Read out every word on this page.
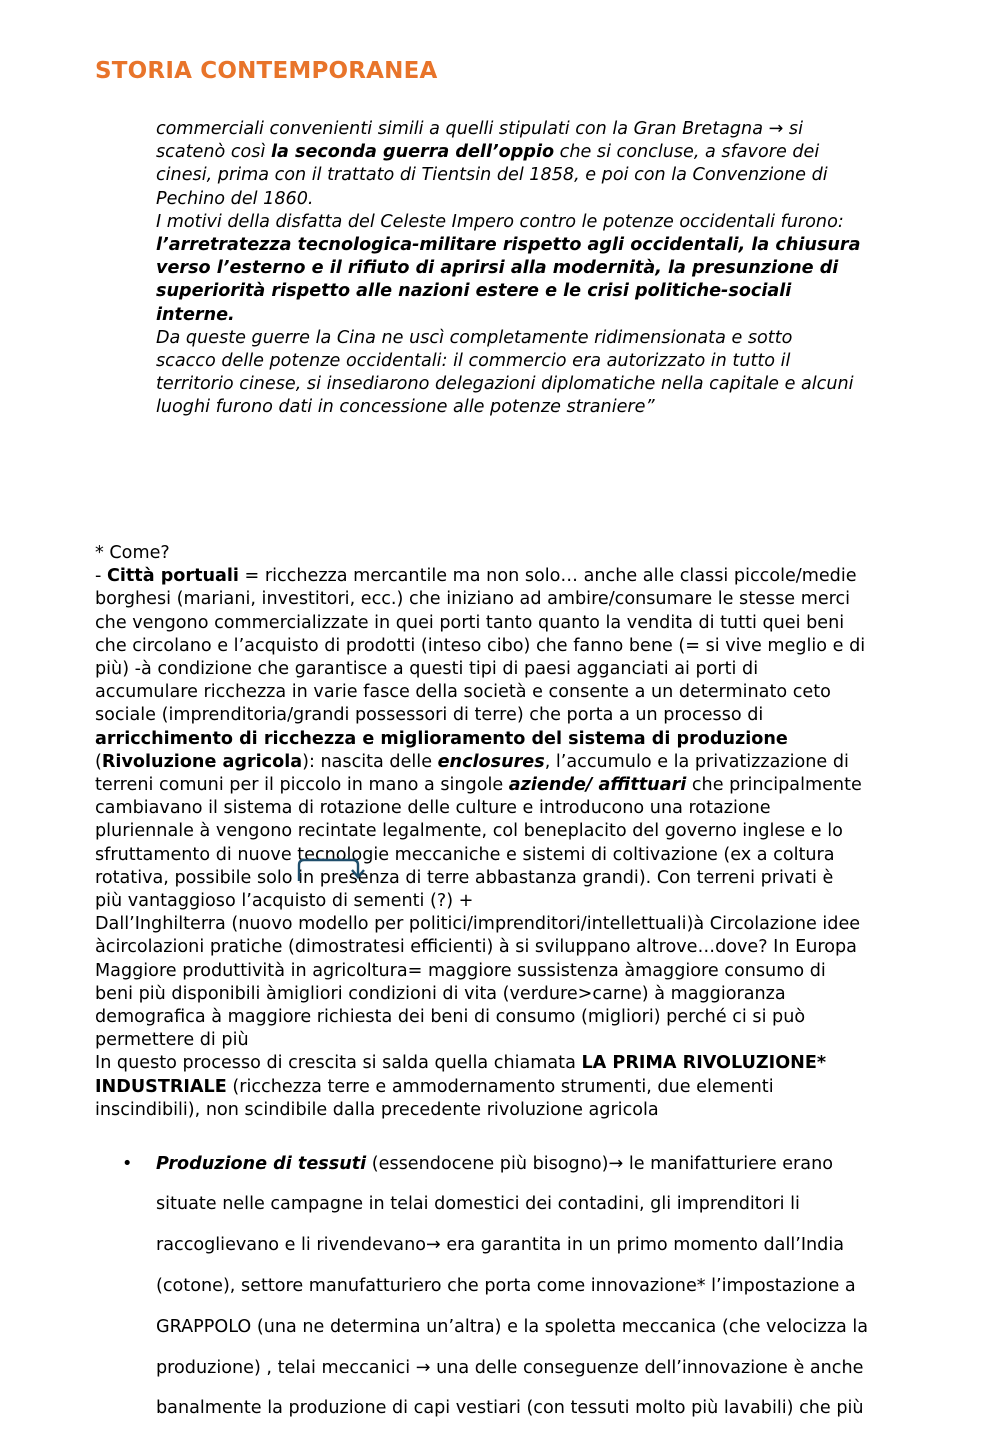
STORIA CONTEMPORANEA

commerciali convenienti simili a quelli stipulati con la Gran Bretagna → si

scatenò così la seconda guerra dell’oppio che si concluse, a sfavore dei

cinesi, prima con il trattato di Tientsin del 1858, e poi con la Convenzione di

Pechino del 1860.

I motivi della disfatta del Celeste Impero contro le potenze occidentali furono:

l’arretratezza tecnologica-militare rispetto agli occidentali, la chiusura

verso l’esterno e il rifiuto di aprirsi alla modernità, la presunzione di

superiorità rispetto alle nazioni estere e le crisi politiche-sociali

interne.

Da queste guerre la Cina ne uscì completamente ridimensionata e sotto

scacco delle potenze occidentali: il commercio era autorizzato in tutto il

territorio cinese, si insediarono delegazioni diplomatiche nella capitale e alcuni

luoghi furono dati in concessione alle potenze straniere”

* Come?

- Città portuali = ricchezza mercantile ma non solo… anche alle classi piccole/medie

borghesi (mariani, investitori, ecc.) che iniziano ad ambire/consumare le stesse merci

che vengono commercializzate in quei porti tanto quanto la vendita di tutti quei beni

che circolano e l’acquisto di prodotti (inteso cibo) che fanno bene (= si vive meglio e di

più) -à condizione che garantisce a questi tipi di paesi agganciati ai porti di

accumulare ricchezza in varie fasce della società e consente a un determinato ceto

sociale (imprenditoria/grandi possessori di terre) che porta a un processo di

arricchimento di ricchezza e miglioramento del sistema di produzione

(Rivoluzione agricola): nascita delle enclosures, l’accumulo e la privatizzazione di

terreni comuni per il piccolo in mano a singole aziende/ affittuari che principalmente

cambiavano il sistema di rotazione delle culture e introducono una rotazione

pluriennale à vengono recintate legalmente, col beneplacito del governo inglese e lo

sfruttamento di nuove tecnologie meccaniche e sistemi di coltivazione (ex a coltura

rotativa, possibile solo in presenza di terre abbastanza grandi). Con terreni privati è

più vantaggioso l’acquisto di sementi (?) +

Dall’Inghilterra (nuovo modello per politici/imprenditori/intellettuali)à Circolazione idee

àcircolazioni pratiche (dimostratesi efficienti) à si sviluppano altrove…dove? In Europa

Maggiore produttività in agricoltura= maggiore sussistenza àmaggiore consumo di

beni più disponibili àmigliori condizioni di vita (verdure>carne) à maggioranza

demografica à maggiore richiesta dei beni di consumo (migliori) perché ci si può

permettere di più

In questo processo di crescita si salda quella chiamata LA PRIMA RIVOLUZIONE*

INDUSTRIALE (ricchezza terre e ammodernamento strumenti, due elementi

inscindibili), non scindibile dalla precedente rivoluzione agricola

• Produzione di tessuti (essendocene più bisogno)→ le manifatturiere erano

situate nelle campagne in telai domestici dei contadini, gli imprenditori li

raccoglievano e li rivendevano→ era garantita in un primo momento dall’India

(cotone), settore manufatturiero che porta come innovazione* l’impostazione a

GRAPPOLO (una ne determina un’altra) e la spoletta meccanica (che velocizza la

produzione) , telai meccanici → una delle conseguenze dell’innovazione è anche

banalmente la produzione di capi vestiari (con tessuti molto più lavabili) che più
